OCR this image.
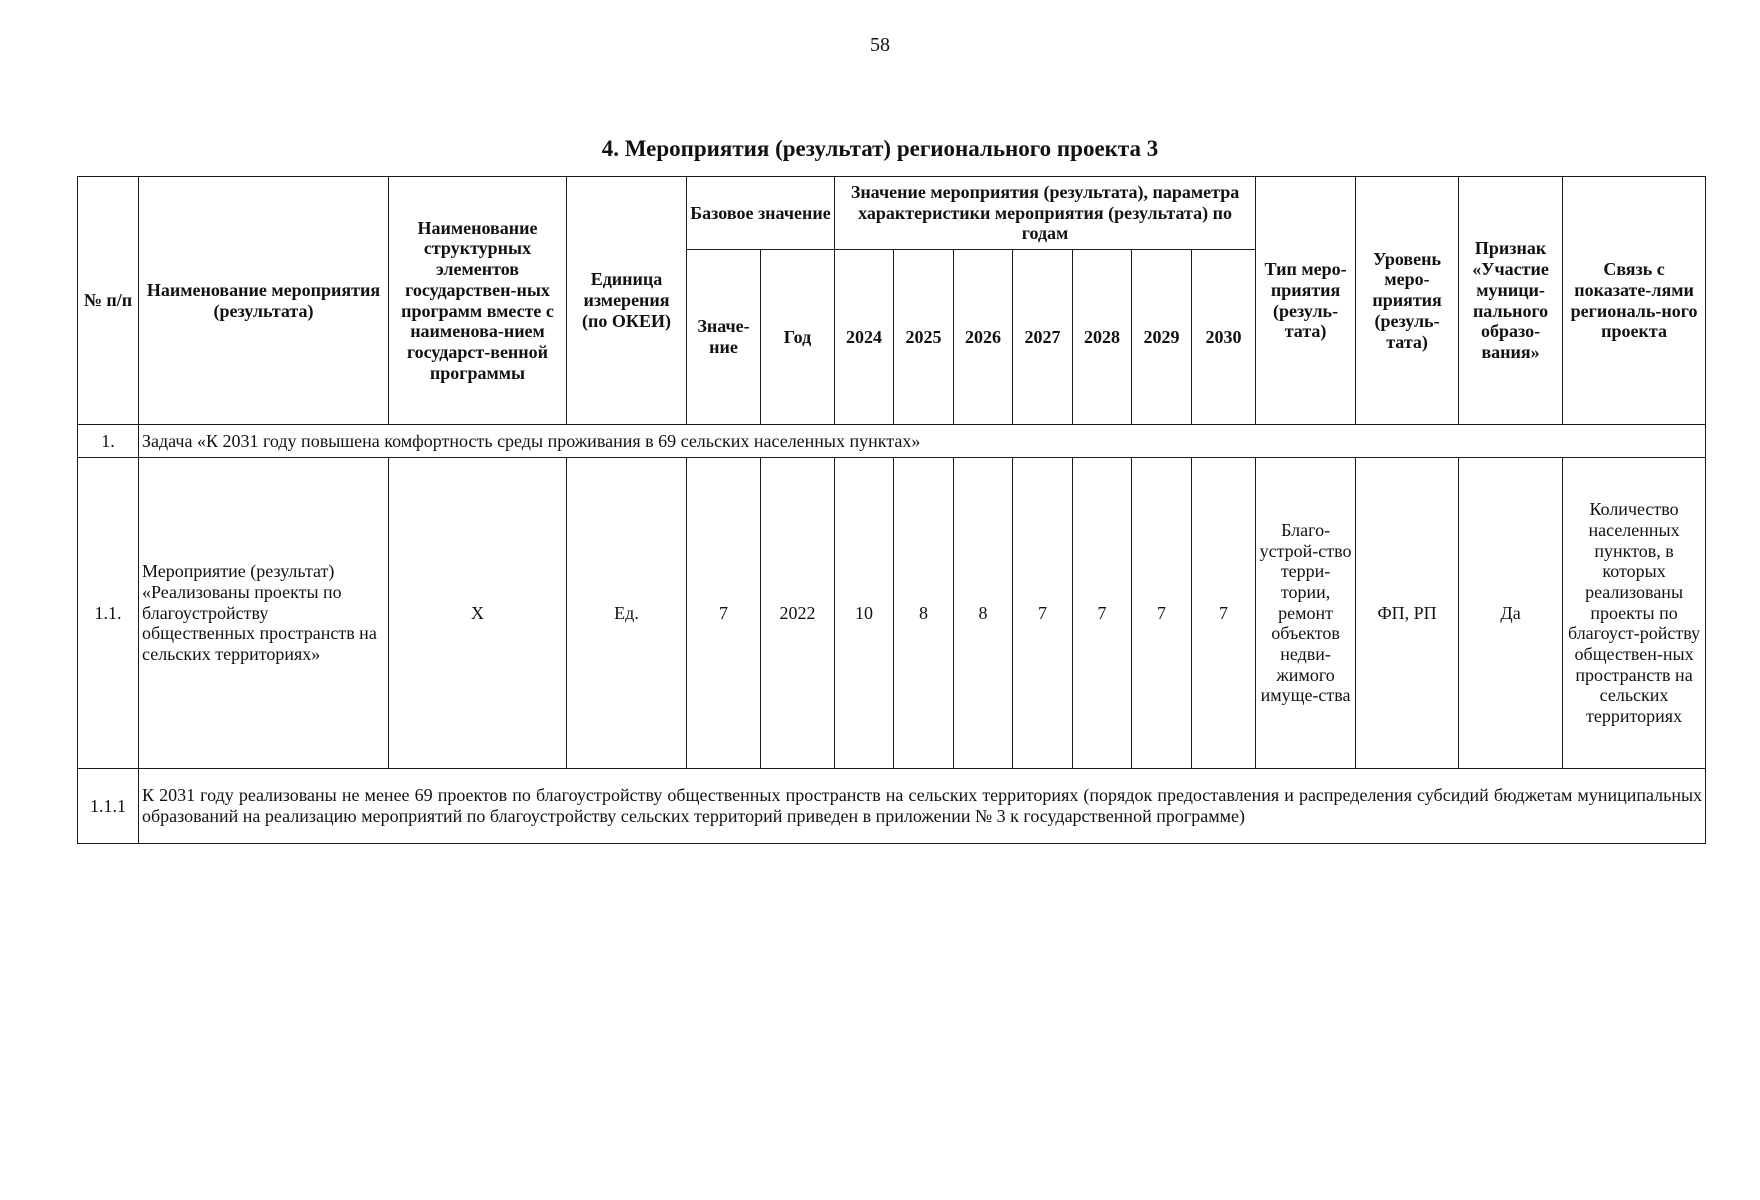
58
4. Мероприятия (результат) регионального проекта 3
№ п/п	Наименование мероприятия (результата)	Наименование структурных элементов государствен-ных программ вместе с наименова-нием государст-венной программы	Единица измерения (по ОКЕИ)	Базовое значение		Значение мероприятия (результата), параметра характеристики мероприятия (результата) по годам							Тип меро-приятия (резуль-тата)	Уровень меро-приятия (резуль-тата)	Признак «Участие муници-пального образо-вания»	Связь с показате-лями региональ-ного проекта
				Значе-ние	Год	2024	2025	2026	2027	2028	2029	2030				
1.	Задача «К 2031 году повышена комфортность среды проживания в 69 сельских населенных пунктах»															
1.1.	Мероприятие (результат) «Реализованы проекты по благоустройству общественных пространств на сельских территориях»	X	Ед.	7	2022	10	8	8	7	7	7	7	Благо-устрой-ство терри-тории, ремонт объектов недви-жимого имуще-ства	ФП, РП	Да	Количество населенных пунктов, в которых реализованы проекты по благоуст-ройству обществен-ных пространств на сельских территориях
1.1.1	К 2031 году реализованы не менее 69 проектов по благоустройству общественных пространств на сельских территориях (порядок предоставления и распределения субсидий бюджетам муниципальных образований на реализацию мероприятий по благоустройству сельских территорий приведен в приложении № 3 к государственной программе)															
